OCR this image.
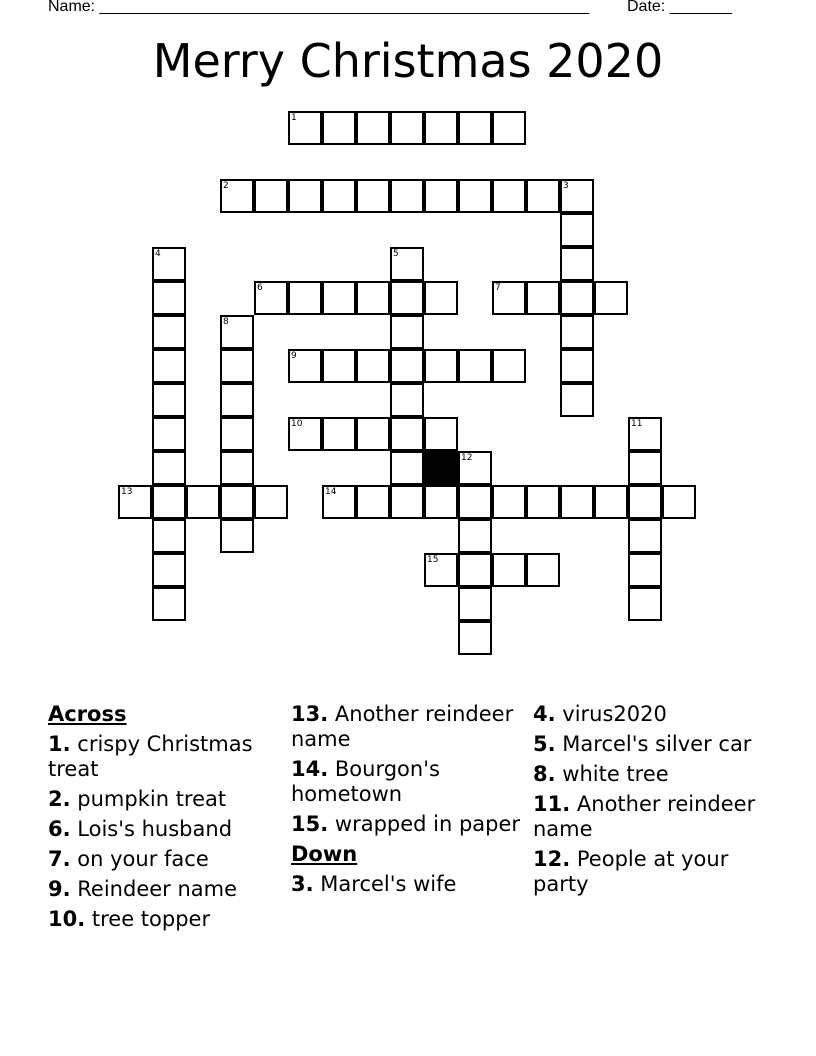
Name: _______________________________________________________ Date: _______
Merry Christmas 2020
1
2	3
4	5
6	7
8
9
10	11
12
13	14
15
Across
1. crispy Christmas treat
2. pumpkin treat
6. Lois's husband
7. on your face
9. Reindeer name
10. tree topper
13. Another reindeer name
14. Bourgon's hometown
15. wrapped in paper
Down
3. Marcel's wife
4. virus2020
5. Marcel's silver car
8. white tree
11. Another reindeer name
12. People at your party
